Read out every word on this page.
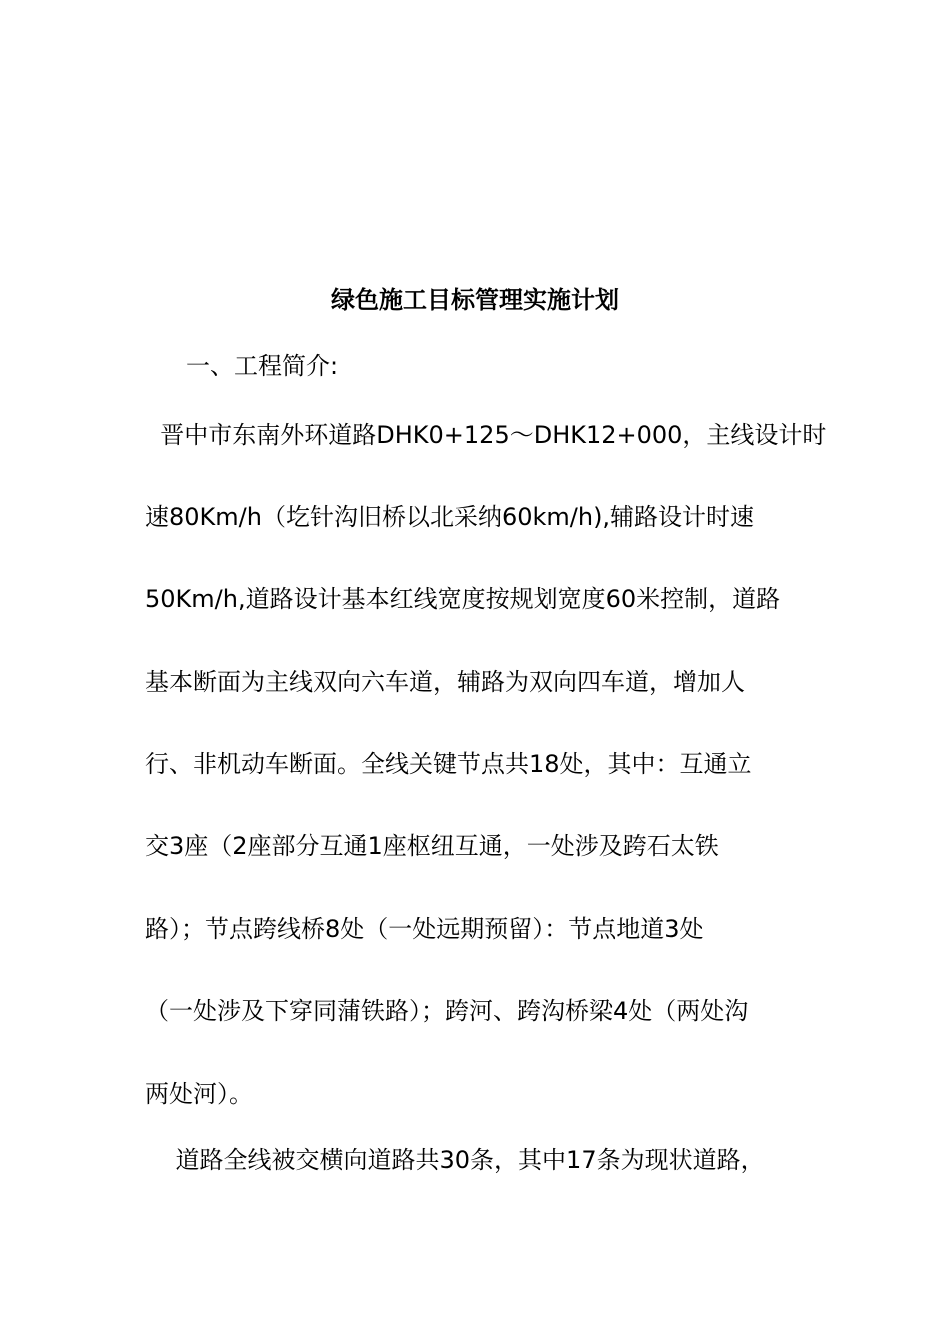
绿色施工目标管理实施计划
一、工程简介:
晋中市东南外环道路DHK0+125～DHK12+000，主线设计时
速80Km/h（圪针沟旧桥以北采纳60km/h),辅路设计时速
50Km/h,道路设计基本红线宽度按规划宽度60米控制，道路
基本断面为主线双向六车道，辅路为双向四车道，增加人
行、非机动车断面。全线关键节点共18处，其中：互通立
交3座（2座部分互通1座枢纽互通，一处涉及跨石太铁
路）；节点跨线桥8处（一处远期预留）：节点地道3处
（一处涉及下穿同蒲铁路）；跨河、跨沟桥梁4处（两处沟
两处河）。
道路全线被交横向道路共30条，其中17条为现状道路，
